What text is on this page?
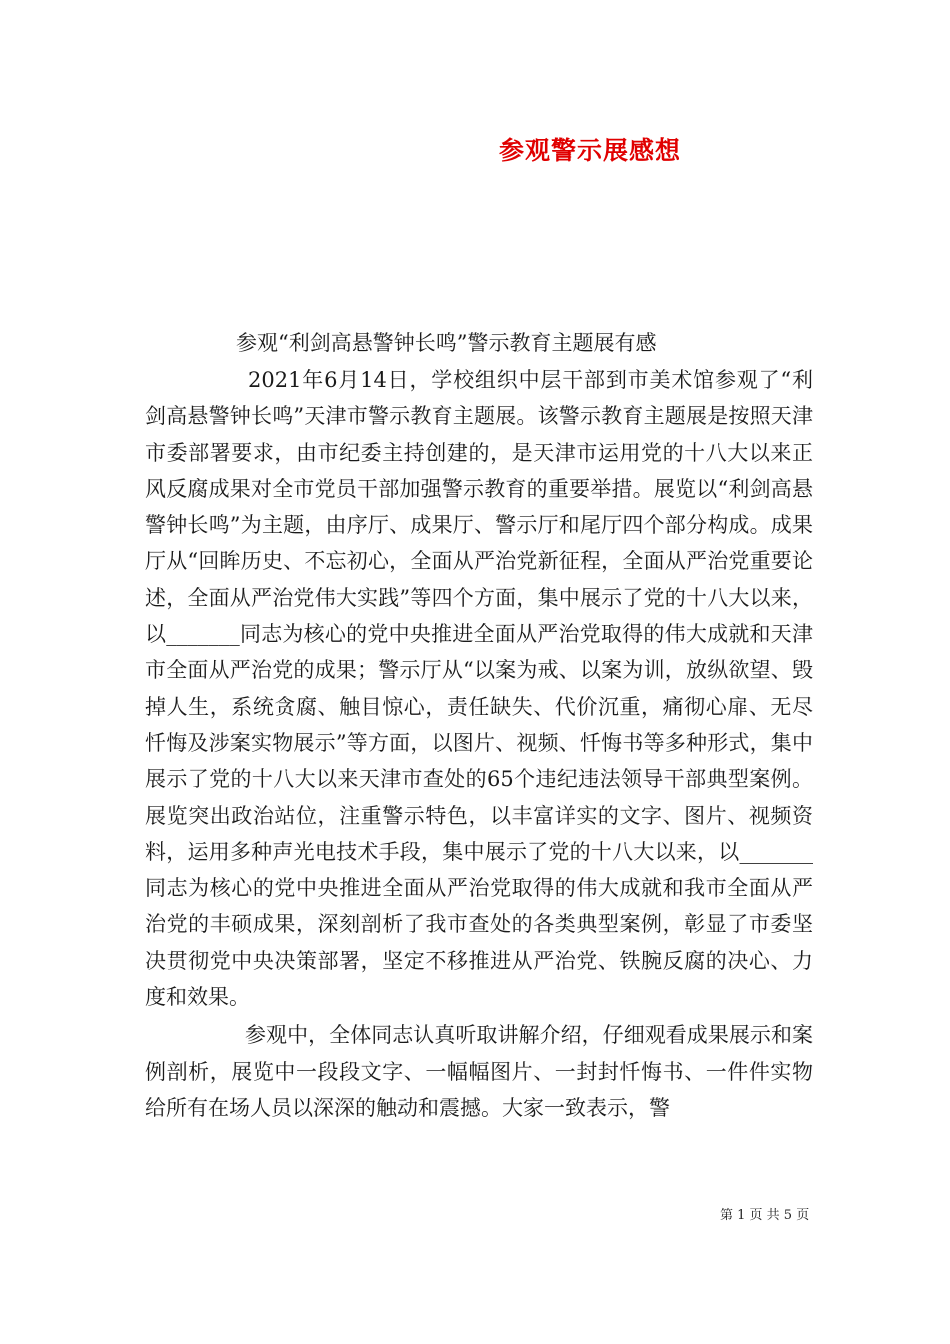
参观警示展感想
参观“利剑高悬警钟长鸣”警示教育主题展有感

2021年6月14日，学校组织中层干部到市美术馆参观了“利剑高悬警钟长鸣”天津市警示教育主题展。该警示教育主题展是按照天津市委部署要求，由市纪委主持创建的，是天津市运用党的十八大以来正风反腐成果对全市党员干部加强警示教育的重要举措。展览以“利剑高悬警钟长鸣”为主题，由序厅、成果厅、警示厅和尾厅四个部分构成。成果厅从“回眸历史、不忘初心，全面从严治党新征程，全面从严治党重要论述，全面从严治党伟大实践”等四个方面，集中展示了党的十八大以来，以_______同志为核心的党中央推进全面从严治党取得的伟大成就和天津市全面从严治党的成果；警示厅从“以案为戒、以案为训，放纵欲望、毁掉人生，系统贪腐、触目惊心，责任缺失、代价沉重，痛彻心扉、无尽忏悔及涉案实物展示”等方面，以图片、视频、忏悔书等多种形式，集中展示了党的十八大以来天津市查处的65个违纪违法领导干部典型案例。展览突出政治站位，注重警示特色，以丰富详实的文字、图片、视频资料，运用多种声光电技术手段，集中展示了党的十八大以来，以_______同志为核心的党中央推进全面从严治党取得的伟大成就和我市全面从严治党的丰硕成果，深刻剖析了我市查处的各类典型案例，彰显了市委坚决贯彻党中央决策部署，坚定不移推进从严治党、铁腕反腐的决心、力度和效果。

参观中，全体同志认真听取讲解介绍，仔细观看成果展示和案例剖析，展览中一段段文字、一幅幅图片、一封封忏悔书、一件件实物给所有在场人员以深深的触动和震撼。大家一致表示，警

第 1 页 共 5 页
